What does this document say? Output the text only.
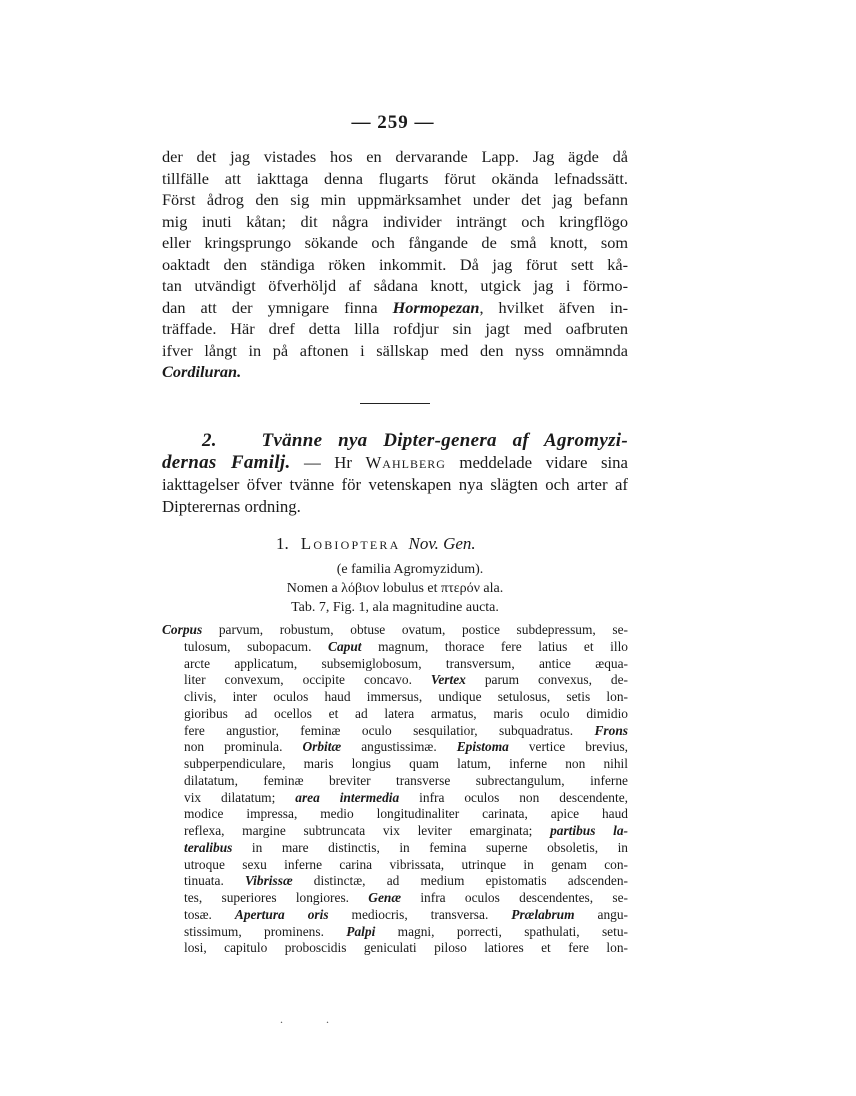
— 259 —
der det jag vistades hos en dervarande Lapp. Jag ägde då
tillfälle att iakttaga denna flugarts förut okända lefnadssätt.
Först ådrog den sig min uppmärksamhet under det jag befann
mig inuti kåtan; dit några individer inträngt och kringflögo
eller kringsprungo sökande och fångande de små knott, som
oaktadt den ständiga röken inkommit. Då jag förut sett kå-
tan utvändigt öfverhöljd af sådana knott, utgick jag i förmo-
dan att der ymnigare finna Hormopezan, hvilket äfven in-
träffade. Här dref detta lilla rofdjur sin jagt med oafbruten
ifver långt in på aftonen i sällskap med den nyss omnämnda
Cordiluran.
2. Tvänne nya Dipter-genera af Agromyzi-
dernas Familj. — Hr Wahlberg meddelade vidare sina
iakttagelser öfver tvänne för vetenskapen nya slägten och arter af
Dipterernas ordning.
1. Lobioptera Nov. Gen.
(e familia Agromyzidum).
Nomen a λόβιον lobulus et πτερόν ala.
Tab. 7, Fig. 1, ala magnitudine aucta.
Corpus parvum, robustum, obtuse ovatum, postice subdepressum, se-
tulosum, subopacum. Caput magnum, thorace fere latius et illo
arcte applicatum, subsemiglobosum, transversum, antice æqua-
liter convexum, occipite concavo. Vertex parum convexus, de-
clivis, inter oculos haud immersus, undique setulosus, setis lon-
gioribus ad ocellos et ad latera armatus, maris oculo dimidio
fere angustior, feminæ oculo sesquilatior, subquadratus. Frons
non prominula. Orbitæ angustissimæ. Epistoma vertice brevius,
subperpendiculare, maris longius quam latum, inferne non nihil
dilatatum, feminæ breviter transverse subrectangulum, inferne
vix dilatatum; area intermedia infra oculos non descendente,
modice impressa, medio longitudinaliter carinata, apice haud
reflexa, margine subtruncata vix leviter emarginata; partibus la-
teralibus in mare distinctis, in femina superne obsoletis, in
utroque sexu inferne carina vibrissata, utrinque in genam con-
tinuata. Vibrissæ distinctæ, ad medium epistomatis adscenden-
tes, superiores longiores. Genæ infra oculos descendentes, se-
tosæ. Apertura oris mediocris, transversa. Prælabrum angu-
stissimum, prominens. Palpi magni, porrecti, spathulati, setu-
losi, capitulo proboscidis geniculati piloso latiores et fere lon-
. .
